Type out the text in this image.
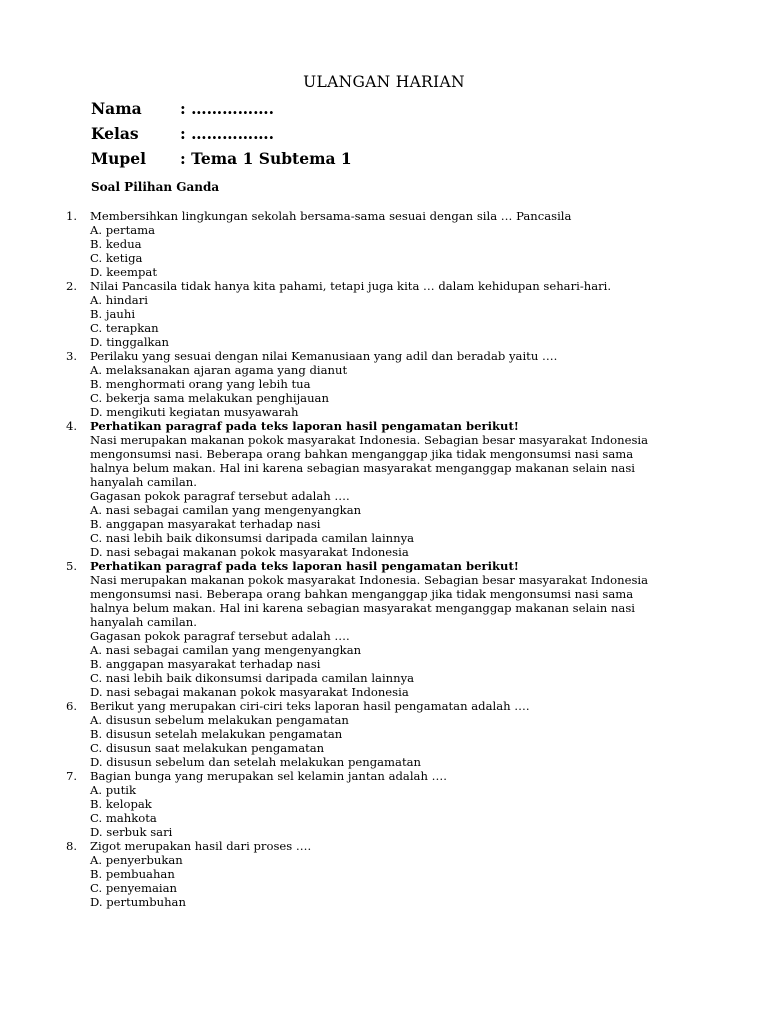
ULANGAN HARIAN
Nama : …………….
Kelas	: …………….
Mupel : Tema 1 Subtema 1
Soal Pilihan Ganda
1. Membersihkan lingkungan sekolah bersama-sama sesuai dengan sila … Pancasila
A. pertama
B. kedua
C. ketiga
D. keempat
2. Nilai Pancasila tidak hanya kita pahami, tetapi juga kita … dalam kehidupan sehari-hari.
A. hindari
B. jauhi
C. terapkan
D. tinggalkan
3. Perilaku yang sesuai dengan nilai Kemanusiaan yang adil dan beradab yaitu ….
A. melaksanakan ajaran agama yang dianut
B. menghormati orang yang lebih tua
C. bekerja sama melakukan penghijauan
D. mengikuti kegiatan musyawarah
4. Perhatikan paragraf pada teks laporan hasil pengamatan berikut!
Nasi merupakan makanan pokok masyarakat Indonesia. Sebagian besar masyarakat Indonesia
mengonsumsi nasi. Beberapa orang bahkan menganggap jika tidak mengonsumsi nasi sama
halnya belum makan. Hal ini karena sebagian masyarakat menganggap makanan selain nasi
hanyalah camilan.
Gagasan pokok paragraf tersebut adalah ….
A. nasi sebagai camilan yang mengenyangkan
B. anggapan masyarakat terhadap nasi
C. nasi lebih baik dikonsumsi daripada camilan lainnya
D. nasi sebagai makanan pokok masyarakat Indonesia
5. Perhatikan paragraf pada teks laporan hasil pengamatan berikut!
Nasi merupakan makanan pokok masyarakat Indonesia. Sebagian besar masyarakat Indonesia
mengonsumsi nasi. Beberapa orang bahkan menganggap jika tidak mengonsumsi nasi sama
halnya belum makan. Hal ini karena sebagian masyarakat menganggap makanan selain nasi
hanyalah camilan.
Gagasan pokok paragraf tersebut adalah ….
A. nasi sebagai camilan yang mengenyangkan
B. anggapan masyarakat terhadap nasi
C. nasi lebih baik dikonsumsi daripada camilan lainnya
D. nasi sebagai makanan pokok masyarakat Indonesia
6. Berikut yang merupakan ciri-ciri teks laporan hasil pengamatan adalah ….
A. disusun sebelum melakukan pengamatan
B. disusun setelah melakukan pengamatan
C. disusun saat melakukan pengamatan
D. disusun sebelum dan setelah melakukan pengamatan
7. Bagian bunga yang merupakan sel kelamin jantan adalah ….
A. putik
B. kelopak
C. mahkota
D. serbuk sari
8. Zigot merupakan hasil dari proses ….
A. penyerbukan
B. pembuahan
C. penyemaian
D. pertumbuhan
